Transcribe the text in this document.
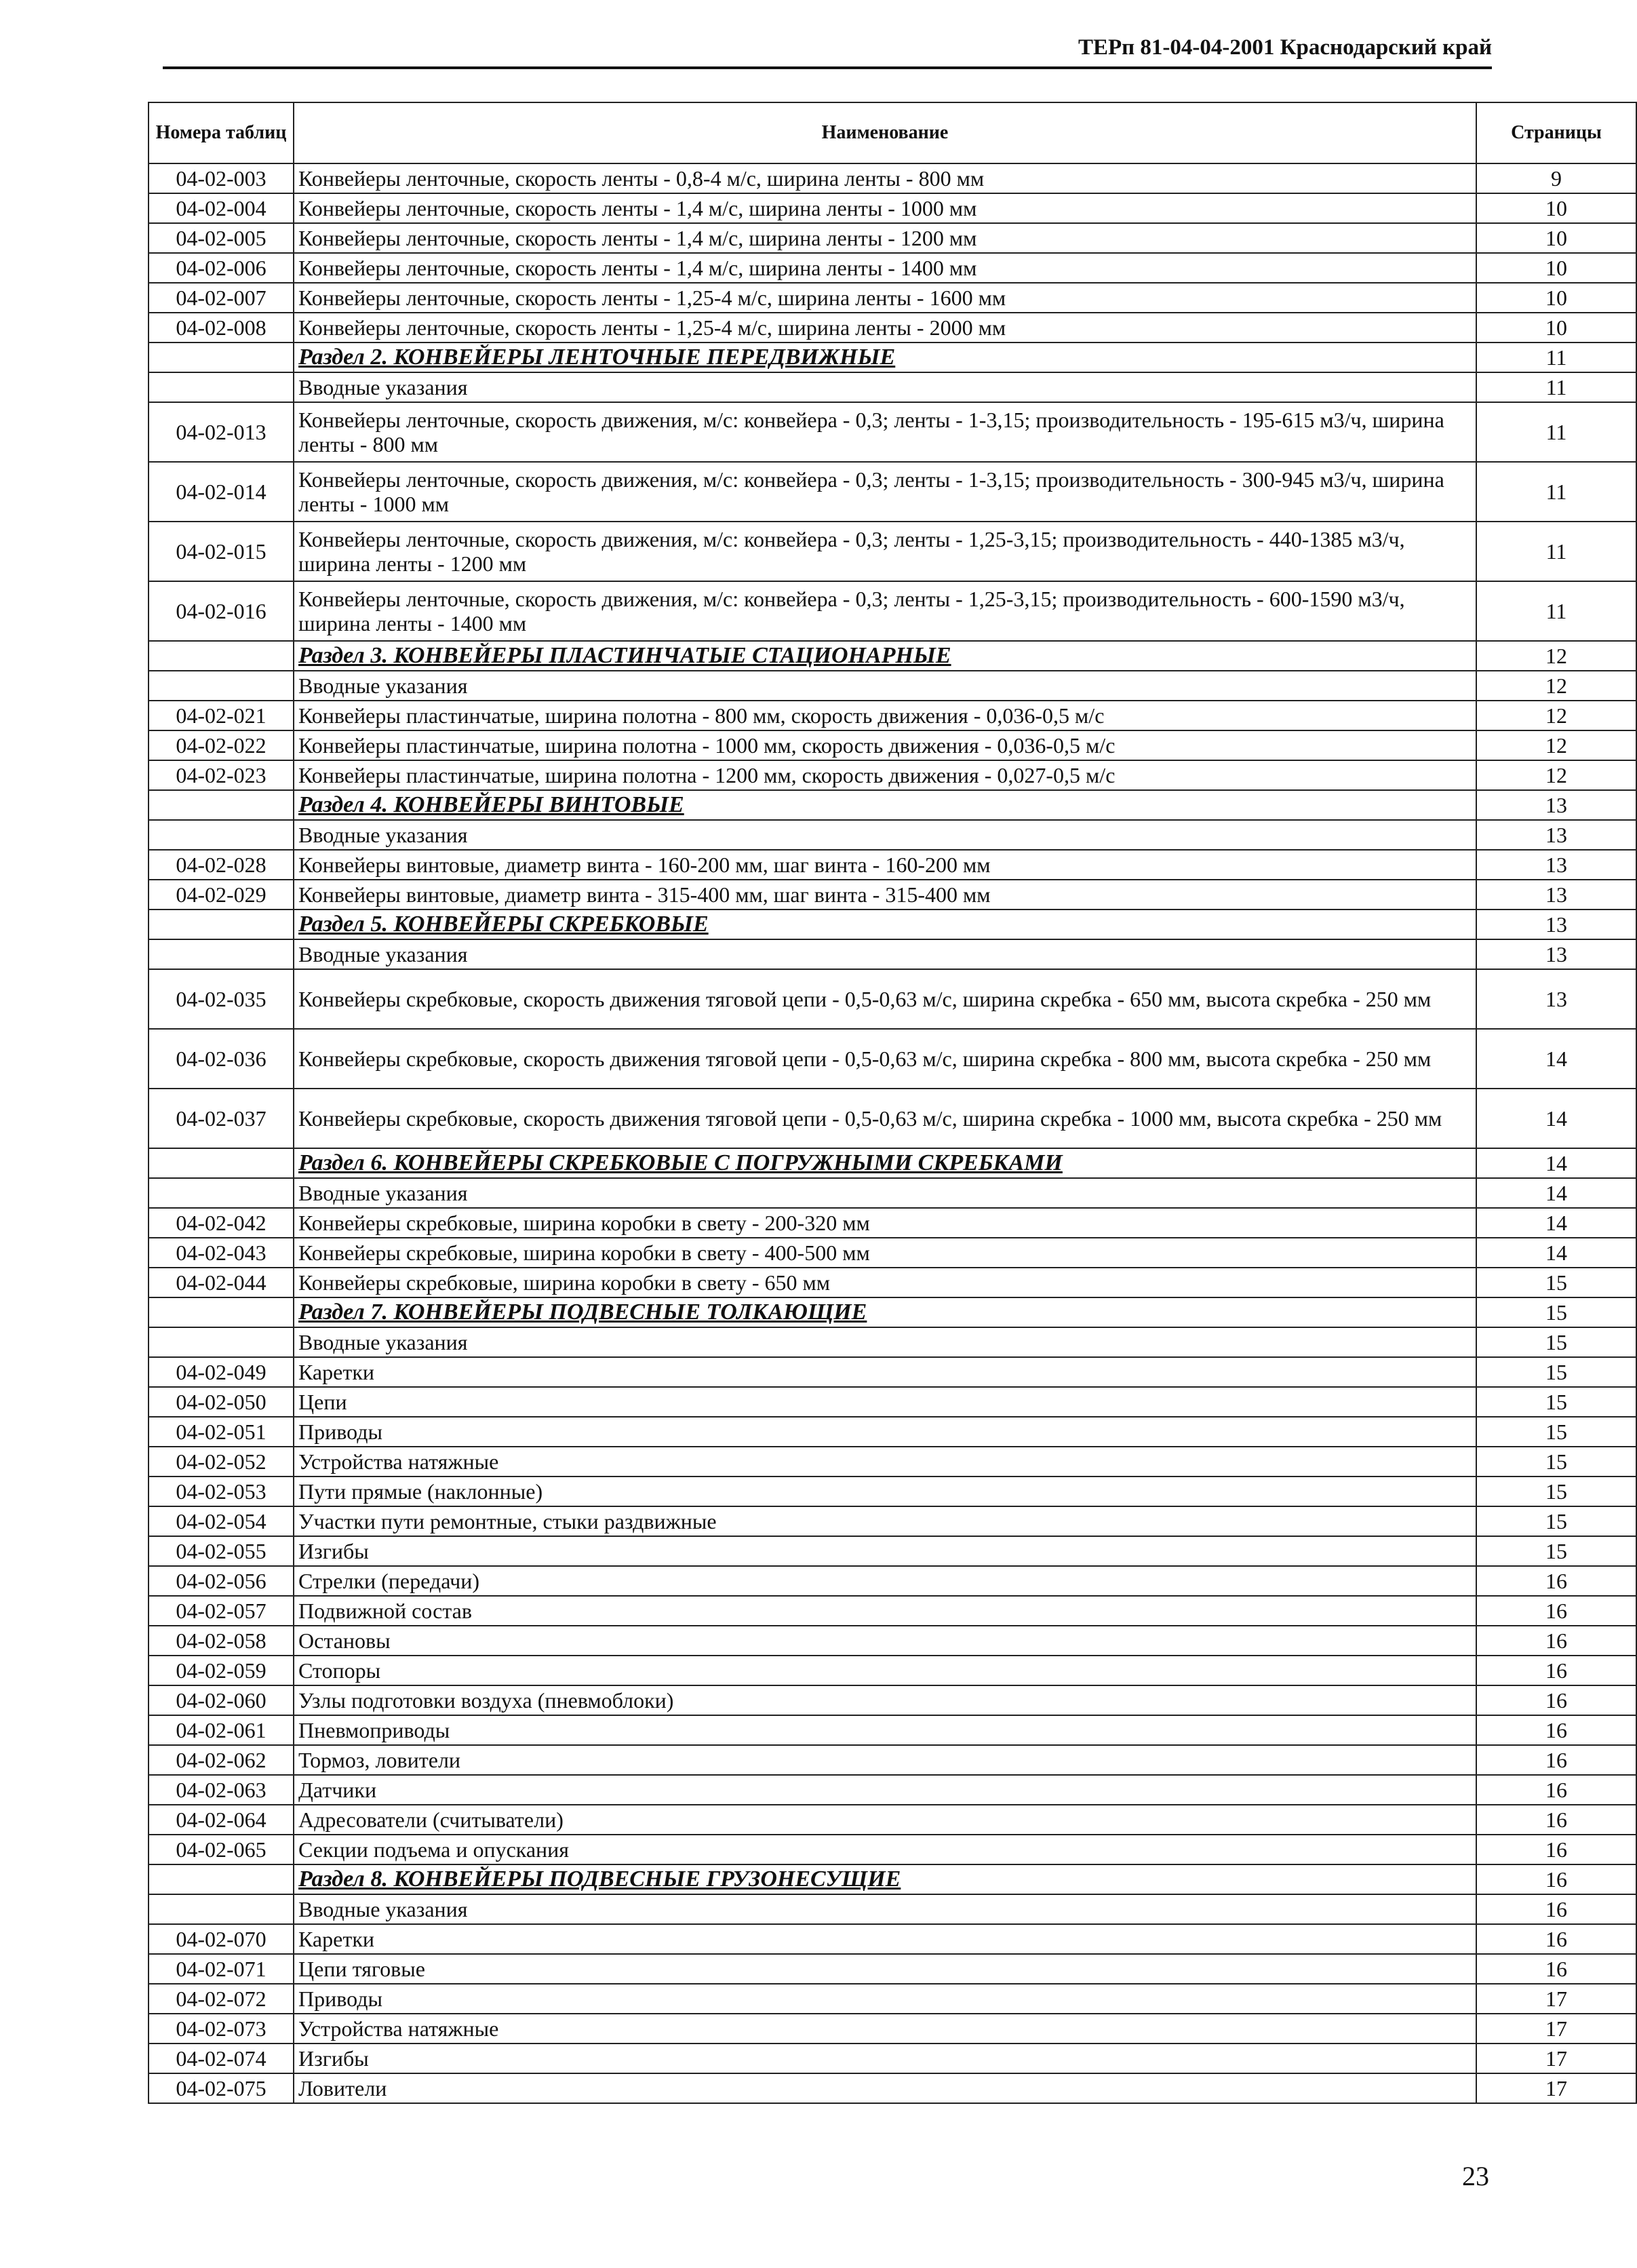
ТЕРп 81-04-04-2001 Краснодарский край
Номера таблиц	Наименование	Страницы
04-02-003	Конвейеры ленточные, скорость ленты - 0,8-4 м/с, ширина ленты - 800 мм	9
04-02-004	Конвейеры ленточные, скорость ленты - 1,4 м/с, ширина ленты - 1000 мм	10
04-02-005	Конвейеры ленточные, скорость ленты - 1,4 м/с, ширина ленты - 1200 мм	10
04-02-006	Конвейеры ленточные, скорость ленты - 1,4 м/с, ширина ленты - 1400 мм	10
04-02-007	Конвейеры ленточные, скорость ленты - 1,25-4 м/с, ширина ленты - 1600 мм	10
04-02-008	Конвейеры ленточные, скорость ленты - 1,25-4 м/с, ширина ленты - 2000 мм	10
	Раздел 2. КОНВЕЙЕРЫ ЛЕНТОЧНЫЕ ПЕРЕДВИЖНЫЕ	11
	Вводные указания	11
04-02-013	Конвейеры ленточные, скорость движения, м/с: конвейера - 0,3; ленты - 1-3,15; производительность - 195-615 м3/ч, ширина ленты - 800 мм	11
04-02-014	Конвейеры ленточные, скорость движения, м/с: конвейера - 0,3; ленты - 1-3,15; производительность - 300-945 м3/ч, ширина ленты - 1000 мм	11
04-02-015	Конвейеры ленточные, скорость движения, м/с: конвейера - 0,3; ленты - 1,25-3,15; производительность - 440-1385 м3/ч, ширина ленты - 1200 мм	11
04-02-016	Конвейеры ленточные, скорость движения, м/с: конвейера - 0,3; ленты - 1,25-3,15; производительность - 600-1590 м3/ч, ширина ленты - 1400 мм	11
	Раздел 3. КОНВЕЙЕРЫ ПЛАСТИНЧАТЫЕ СТАЦИОНАРНЫЕ	12
	Вводные указания	12
04-02-021	Конвейеры пластинчатые, ширина полотна - 800 мм, скорость движения - 0,036-0,5 м/с	12
04-02-022	Конвейеры пластинчатые, ширина полотна - 1000 мм, скорость движения - 0,036-0,5 м/с	12
04-02-023	Конвейеры пластинчатые, ширина полотна - 1200 мм, скорость движения - 0,027-0,5 м/с	12
	Раздел 4. КОНВЕЙЕРЫ ВИНТОВЫЕ	13
	Вводные указания	13
04-02-028	Конвейеры винтовые, диаметр винта - 160-200 мм, шаг винта - 160-200 мм	13
04-02-029	Конвейеры винтовые, диаметр винта - 315-400 мм, шаг винта - 315-400 мм	13
	Раздел 5. КОНВЕЙЕРЫ СКРЕБКОВЫЕ	13
	Вводные указания	13
04-02-035	Конвейеры скребковые, скорость движения тяговой цепи - 0,5-0,63 м/с, ширина скребка - 650 мм, высота скребка - 250 мм	13
04-02-036	Конвейеры скребковые, скорость движения тяговой цепи - 0,5-0,63 м/с, ширина скребка - 800 мм, высота скребка - 250 мм	14
04-02-037	Конвейеры скребковые, скорость движения тяговой цепи - 0,5-0,63 м/с, ширина скребка - 1000 мм, высота скребка - 250 мм	14
	Раздел 6. КОНВЕЙЕРЫ СКРЕБКОВЫЕ С ПОГРУЖНЫМИ СКРЕБКАМИ	14
	Вводные указания	14
04-02-042	Конвейеры скребковые, ширина коробки в свету - 200-320 мм	14
04-02-043	Конвейеры скребковые, ширина коробки в свету - 400-500 мм	14
04-02-044	Конвейеры скребковые, ширина коробки в свету - 650 мм	15
	Раздел 7. КОНВЕЙЕРЫ ПОДВЕСНЫЕ ТОЛКАЮЩИЕ	15
	Вводные указания	15
04-02-049	Каретки	15
04-02-050	Цепи	15
04-02-051	Приводы	15
04-02-052	Устройства натяжные	15
04-02-053	Пути прямые (наклонные)	15
04-02-054	Участки пути ремонтные, стыки раздвижные	15
04-02-055	Изгибы	15
04-02-056	Стрелки (передачи)	16
04-02-057	Подвижной состав	16
04-02-058	Остановы	16
04-02-059	Стопоры	16
04-02-060	Узлы подготовки воздуха (пневмоблоки)	16
04-02-061	Пневмоприводы	16
04-02-062	Тормоз, ловители	16
04-02-063	Датчики	16
04-02-064	Адресователи (считыватели)	16
04-02-065	Секции подъема и опускания	16
	Раздел 8. КОНВЕЙЕРЫ ПОДВЕСНЫЕ ГРУЗОНЕСУЩИЕ	16
	Вводные указания	16
04-02-070	Каретки	16
04-02-071	Цепи тяговые	16
04-02-072	Приводы	17
04-02-073	Устройства натяжные	17
04-02-074	Изгибы	17
04-02-075	Ловители	17
23
